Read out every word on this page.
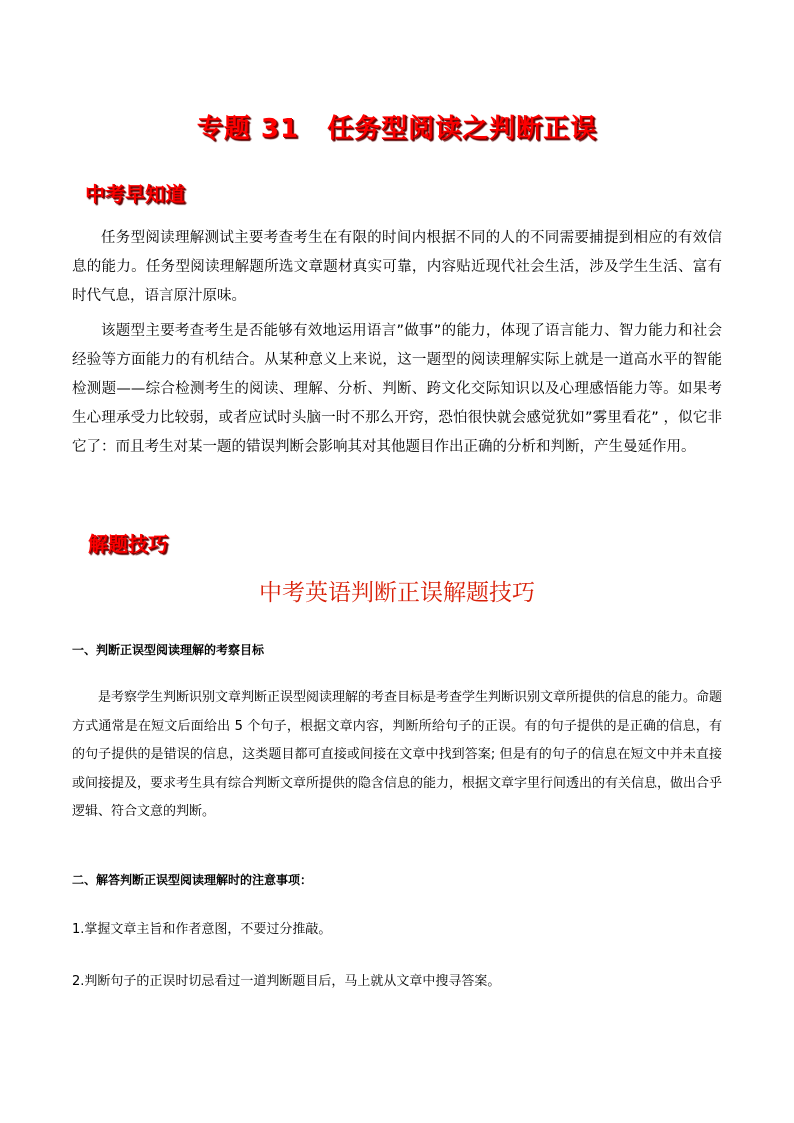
专题 31 任务型阅读之判断正误
中考早知道
任务型阅读理解测试主要考查考生在有限的时间内根据不同的人的不同需要捕提到相应的有效信息的能力。任务型阅读理解题所选文章题材真实可靠，内容贴近现代社会生活，涉及学生生活、富有时代气息，语言原汁原味。
该题型主要考查考生是否能够有效地运用语言”做事”的能力，体现了语言能力、智力能力和社会经验等方面能力的有机结合。从某种意义上来说，这一题型的阅读理解实际上就是一道高水平的智能检测题——综合检测考生的阅读、理解、分析、判断、跨文化交际知识以及心理感悟能力等。如果考生心理承受力比较弱，或者应试时头脑一时不那么开窍，恐怕很快就会感觉犹如”雾里看花” ，似它非它了：而且考生对某一题的错误判断会影响其对其他题目作出正确的分析和判断，产生曼延作用。
解题技巧
中考英语判断正误解题技巧
一、判断正误型阅读理解的考察目标
是考察学生判断识别文章判断正误型阅读理解的考查目标是考查学生判断识别文章所提供的信息的能力。命题方式通常是在短文后面给出 5 个句子，根据文章内容，判断所给句子的正误。有的句子提供的是正确的信息，有的句子提供的是错误的信息，这类题目都可直接或间接在文章中找到答案; 但是有的句子的信息在短文中并未直接或间接提及，要求考生具有综合判断文章所提供的隐含信息的能力，根据文章字里行间透出的有关信息，做出合乎逻辑、符合文意的判断。
二、解答判断正误型阅读理解时的注意事项：
1.掌握文章主旨和作者意图，不要过分推敲。
2.判断句子的正误时切忌看过一道判断题目后，马上就从文章中搜寻答案。
